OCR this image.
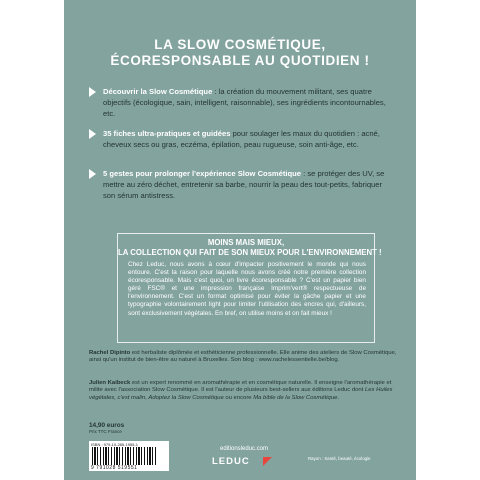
LA SLOW COSMÉTIQUE,
ÉCORESPONSABLE AU QUOTIDIEN !
Découvrir la Slow Cosmétique : la création du mouvement militant, ses quatre objectifs (écologique, sain, intelligent, raisonnable), ses ingrédients incontournables, etc.
35 fiches ultra-pratiques et guidées pour soulager les maux du quotidien : acné, cheveux secs ou gras, eczéma, épilation, peau rugueuse, soin anti-âge, etc.
5 gestes pour prolonger l'expérience Slow Cosmétique : se protéger des UV, se mettre au zéro déchet, entretenir sa barbe, nourrir la peau des tout-petits, fabriquer son sérum antistress.
MOINS MAIS MIEUX,
LA COLLECTION QUI FAIT DE SON MIEUX POUR L'ENVIRONNEMENT !
Chez Leduc, nous avons à cœur d'impacter positivement le monde qui nous entoure. C'est la raison pour laquelle nous avons créé notre première collection écoresponsable. Mais c'est quoi, un livre écoresponsable ? C'est un papier bien géré FSC® et une impression française Imprim'vert® respectueuse de l'environnement. C'est un format optimisé pour éviter la gâche papier et une typographie volontairement light pour limiter l'utilisation des encres qui, d'ailleurs, sont exclusivement végétales. En bref, on utilise moins et on fait mieux !
Rachel Dipinto est herbaliste diplômée et esthéticienne professionnelle. Elle anime des ateliers de Slow Cosmétique, ainsi qu'un institut de bien-être au naturel à Bruxelles. Son blog : www.rachelessentielle.be/blog.
Julien Kaibeck est un expert renommé en aromathérapie et en cosmétique naturelle. Il enseigne l'aromathérapie et milite avec l'association Slow Cosmétique. Il est l'auteur de plusieurs best-sellers aux éditions Leduc dont Les Huiles végétales, c'est malin, Adoptez la Slow Cosmétique ou encore Ma bible de la Slow Cosmétique.
14,90 euros
Prix TTC France
ISBN : 979-10-285-1955-1
9 791028 519551
editionsleduc.com
LEDUC	Rayon : Santé, beauté, écologie
